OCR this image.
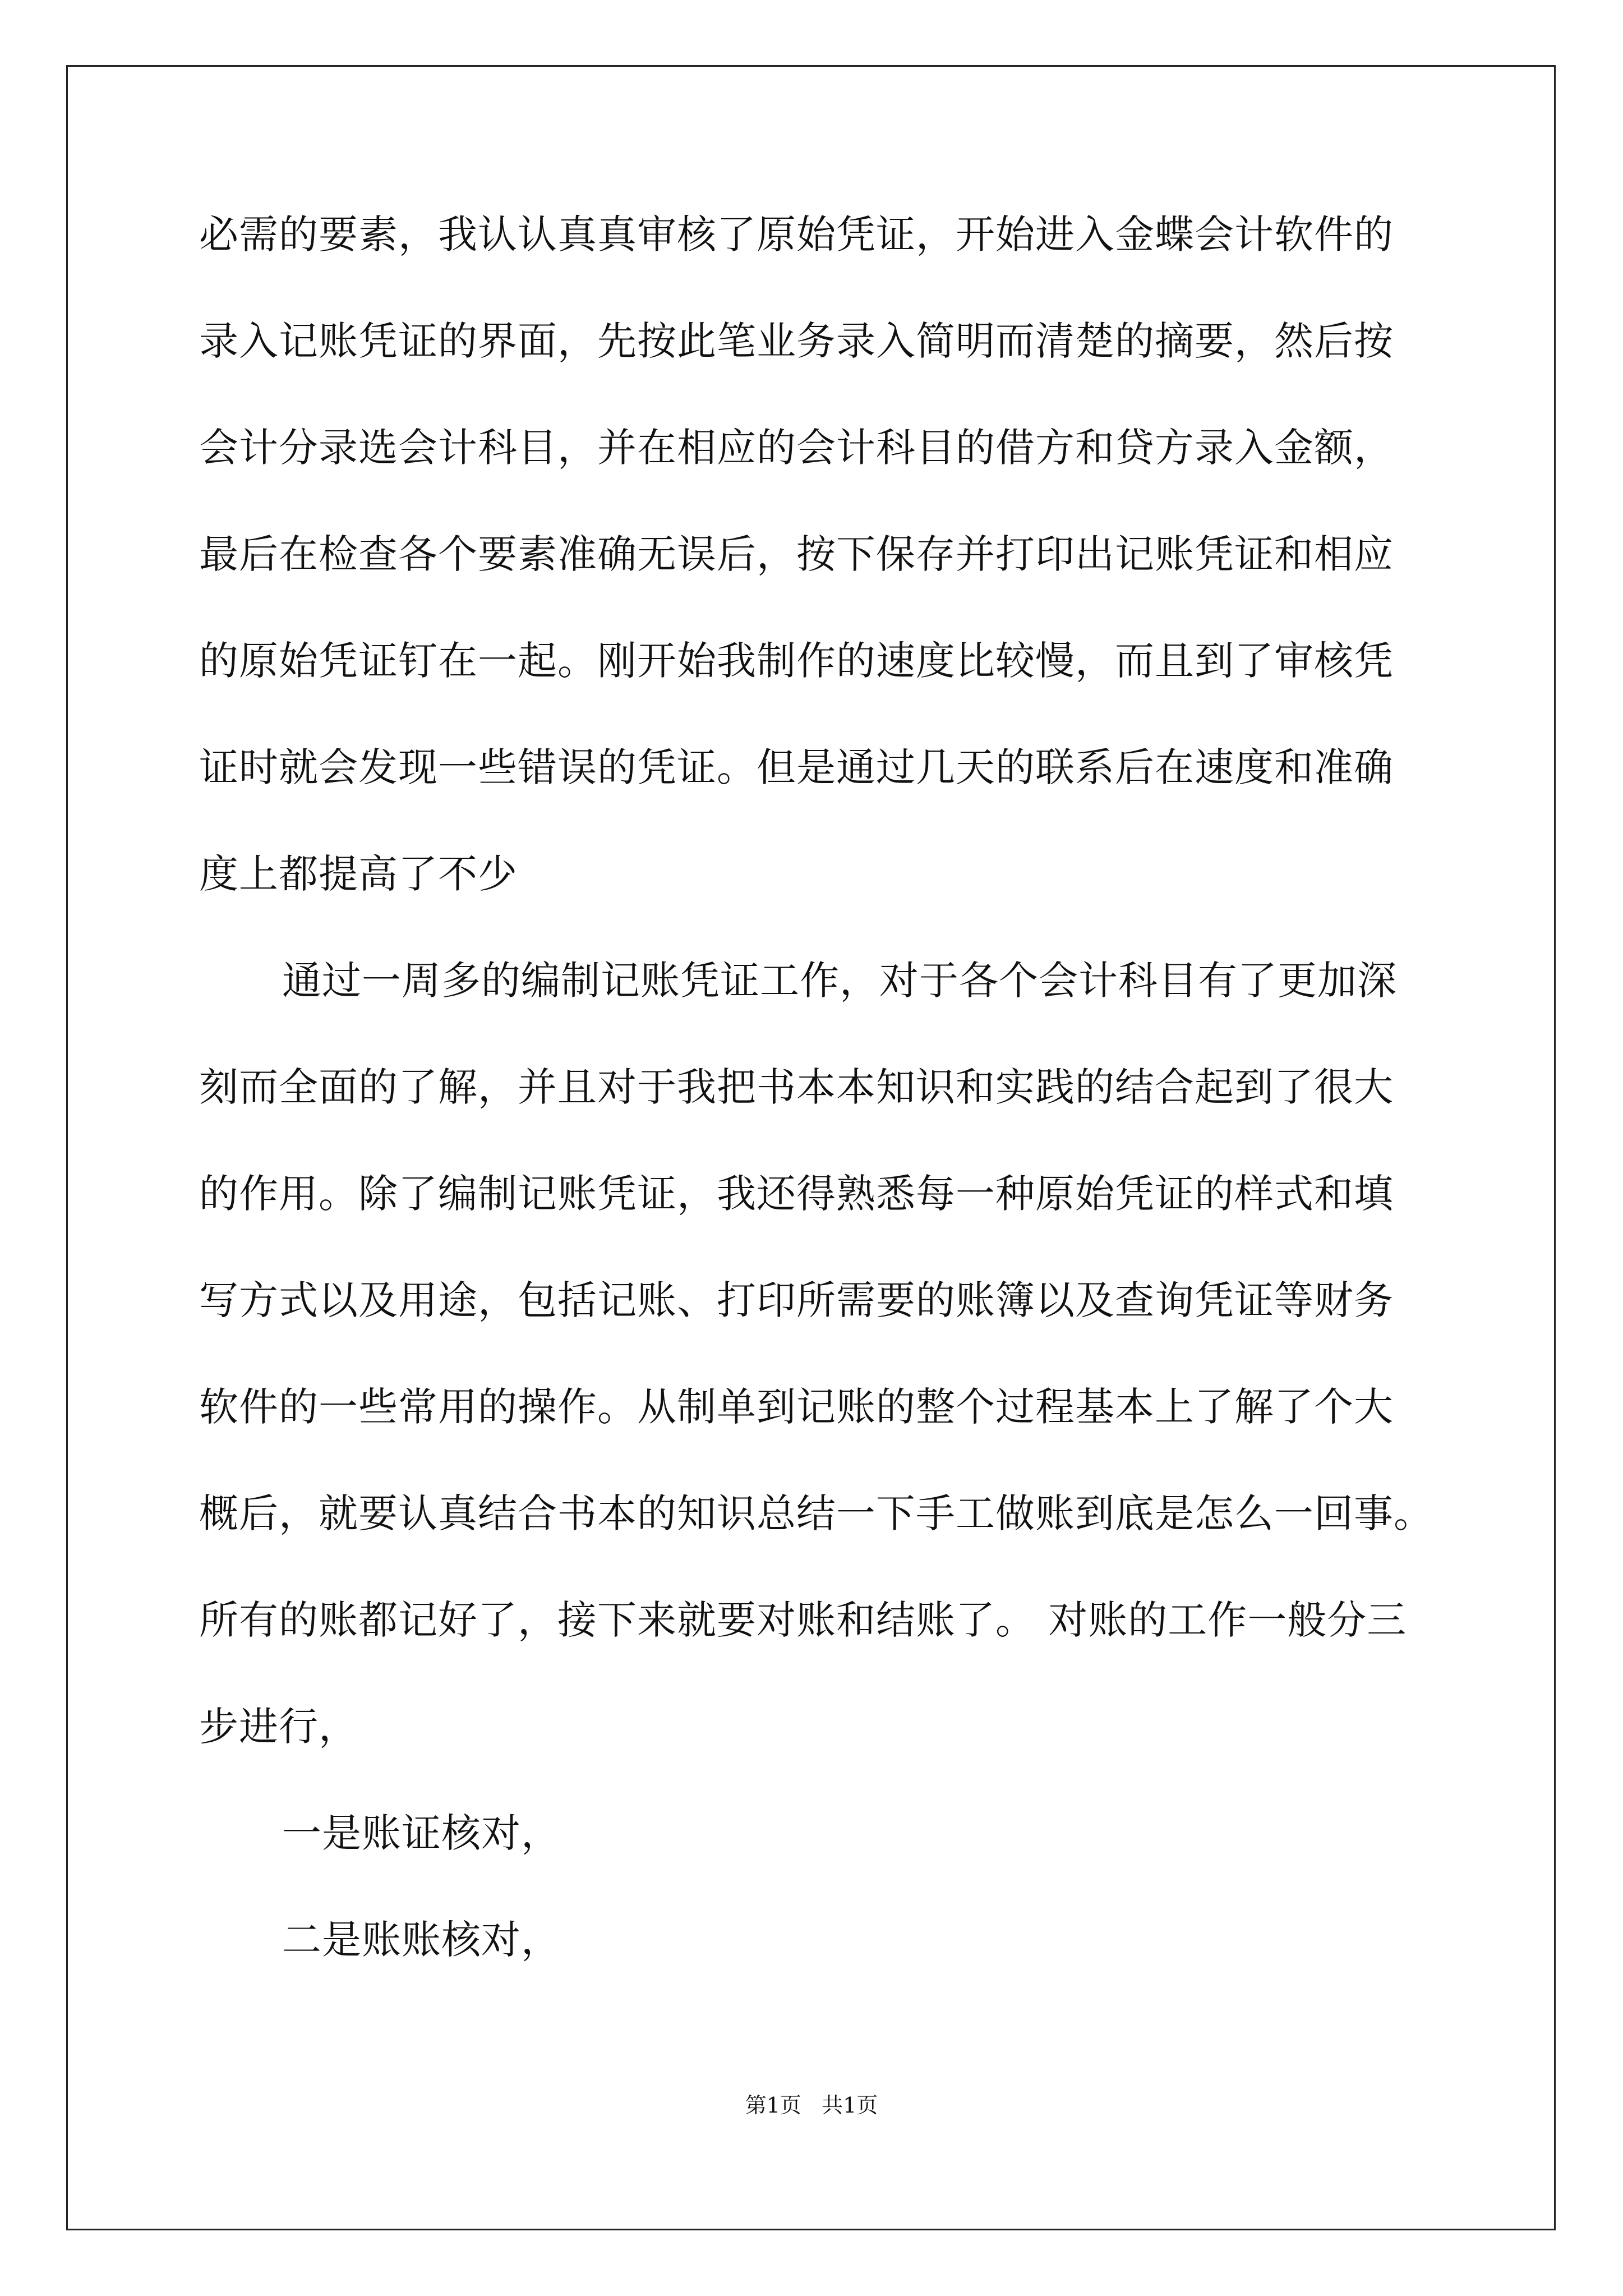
必需的要素，我认认真真审核了原始凭证，开始进入金蝶会计软件的
录入记账凭证的界面，先按此笔业务录入简明而清楚的摘要，然后按
会计分录选会计科目，并在相应的会计科目的借方和贷方录入金额，
最后在检查各个要素准确无误后，按下保存并打印出记账凭证和相应
的原始凭证钉在一起。刚开始我制作的速度比较慢，而且到了审核凭
证时就会发现一些错误的凭证。但是通过几天的联系后在速度和准确
度上都提高了不少
通过一周多的编制记账凭证工作，对于各个会计科目有了更加深
刻而全面的了解，并且对于我把书本本知识和实践的结合起到了很大
的作用。除了编制记账凭证，我还得熟悉每一种原始凭证的样式和填
写方式以及用途，包括记账、打印所需要的账簿以及查询凭证等财务
软件的一些常用的操作。从制单到记账的整个过程基本上了解了个大
概后，就要认真结合书本的知识总结一下手工做账到底是怎么一回事。
所有的账都记好了，接下来就要对账和结账了。 对账的工作一般分三
步进行，
一是账证核对，
二是账账核对，
第1页   共1页
